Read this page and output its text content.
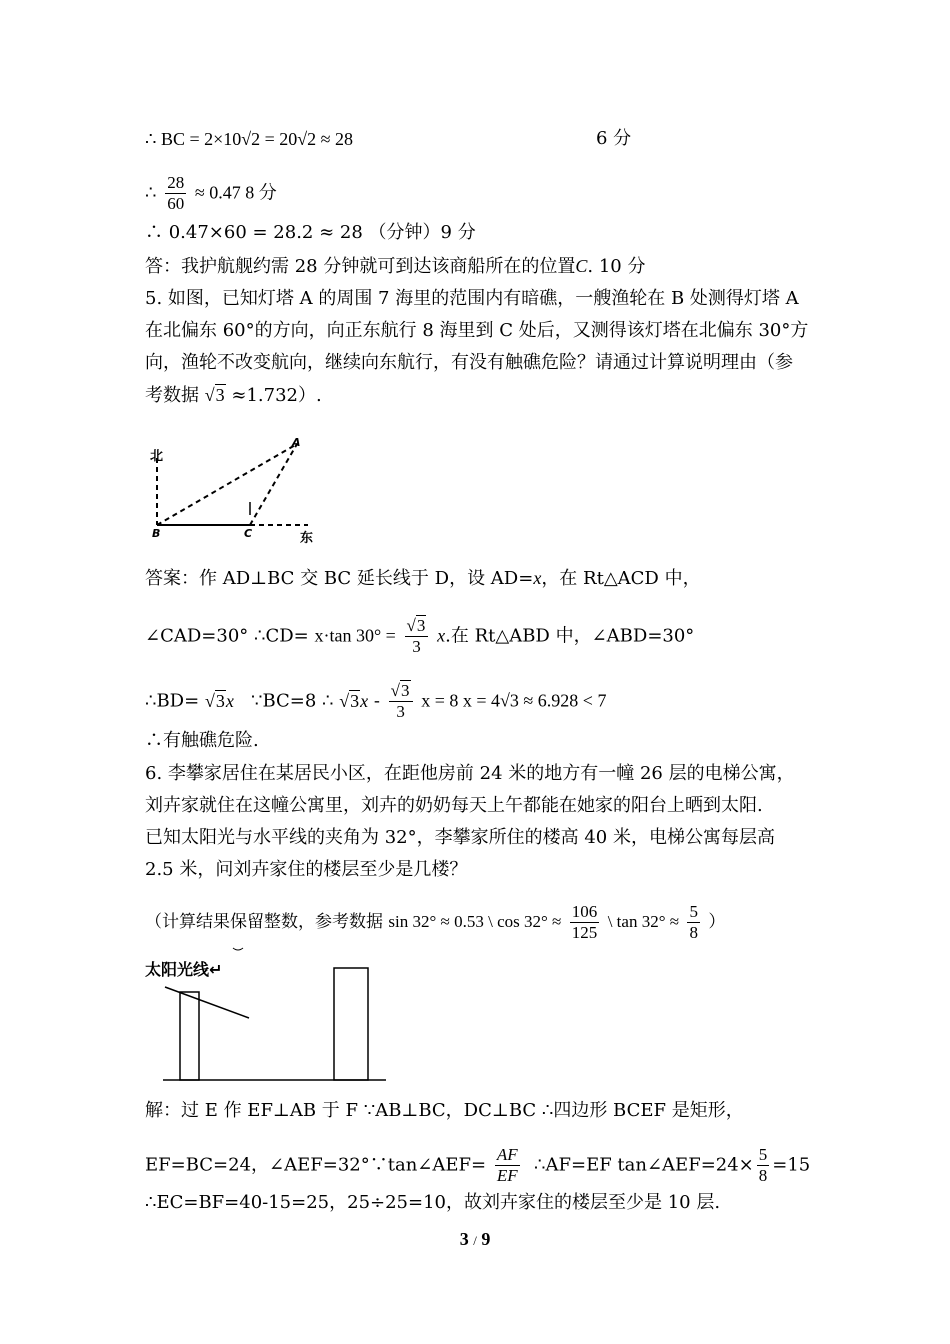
∴ BC = 2×10√2 = 20√2 ≈ 28	6 分
∴ $\frac{28}{60} \approx 0.47$ 8 分
∴ 0.47×60 = 28.2 ≈ 28 （分钟）9 分
答：我护航舰约需 28 分钟就可到达该商船所在的位置C. 10 分
5. 如图，已知灯塔 A 的周围 7 海里的范围内有暗礁，一艘渔轮在 B 处测得灯塔 A
在北偏东 60°的方向，向正东航行 8 海里到 C 处后，又测得该灯塔在北偏东 30°方
向，渔轮不改变航向，继续向东航行，有没有触礁危险？请通过计算说明理由（参
考数据 √3 ≈1.732）.
北
东
A
B	C
答案：作 AD⊥BC 交 BC 延长线于 D，设 AD=x，在 Rt△ACD 中，
∠CAD=30° ∴CD= x·tan $30^\circ = \frac{√3}{3} x$.在 Rt△ABD 中，∠ABD=30°
∴BD= √3x ∵BC=8 ∴ $√3x - \frac{√3}{3}$ x = 8 x = 4√3 ≈ 6.928 < 7
∴有触礁危险.
6. 李攀家居住在某居民小区，在距他房前 24 米的地方有一幢 26 层的电梯公寓，
刘卉家就住在这幢公寓里，刘卉的奶奶每天上午都能在她家的阳台上晒到太阳.
已知太阳光与水平线的夹角为 32°，李攀家所住的楼高 40 米，电梯公寓每层高
2.5 米，问刘卉家住的楼层至少是几楼？
（计算结果保留整数，参考数据 sin 32° ≈ 0.53 \ $\cos 32^\circ \approx \frac{106}{125}$ \ $\tan 32^\circ \approx \frac{5}{8}$ ）
太阳光线↵
解：过 E 作 EF⊥AB 于 F ∵AB⊥BC，DC⊥BC ∴四边形 BCEF 是矩形，
EF=BC=24，∠AEF=32°∵tan∠AEF= $\frac{AF}{EF}$ ∴AF=EF tan∠AEF=24× $\frac{5}{8} =15$
∴EC=BF=40-15=25，25÷25=10，故刘卉家住的楼层至少是 10 层.
3 / 9
